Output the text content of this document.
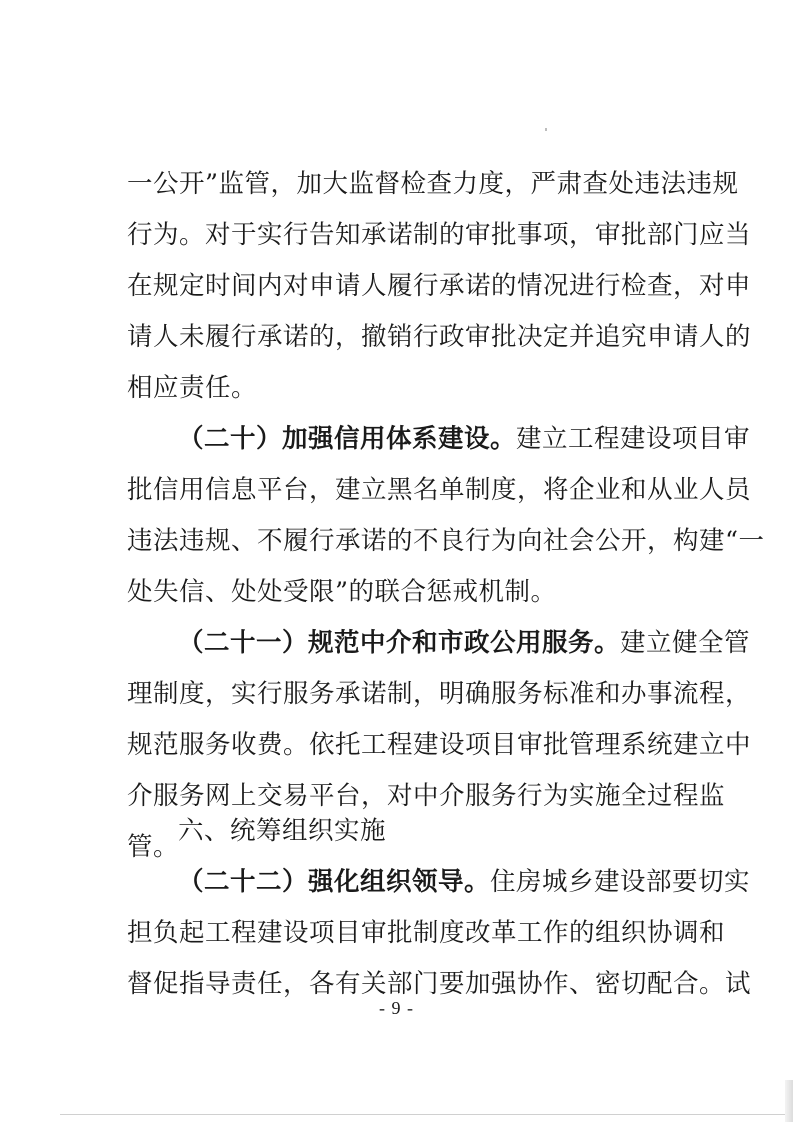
一公开”监管，加大监督检查力度，严肃查处违法违规
行为。对于实行告知承诺制的审批事项，审批部门应当
在规定时间内对申请人履行承诺的情况进行检查，对申
请人未履行承诺的，撤销行政审批决定并追究申请人的
相应责任。
（二十）加强信用体系建设。建立工程建设项目审
批信用信息平台，建立黑名单制度，将企业和从业人员
违法违规、不履行承诺的不良行为向社会公开，构建“一
处失信、处处受限”的联合惩戒机制。
（二十一）规范中介和市政公用服务。建立健全管
理制度，实行服务承诺制，明确服务标准和办事流程，
规范服务收费。依托工程建设项目审批管理系统建立中
介服务网上交易平台，对中介服务行为实施全过程监
管。
六、统筹组织实施
（二十二）强化组织领导。住房城乡建设部要切实
担负起工程建设项目审批制度改革工作的组织协调和
督促指导责任，各有关部门要加强协作、密切配合。试
- 9 -
